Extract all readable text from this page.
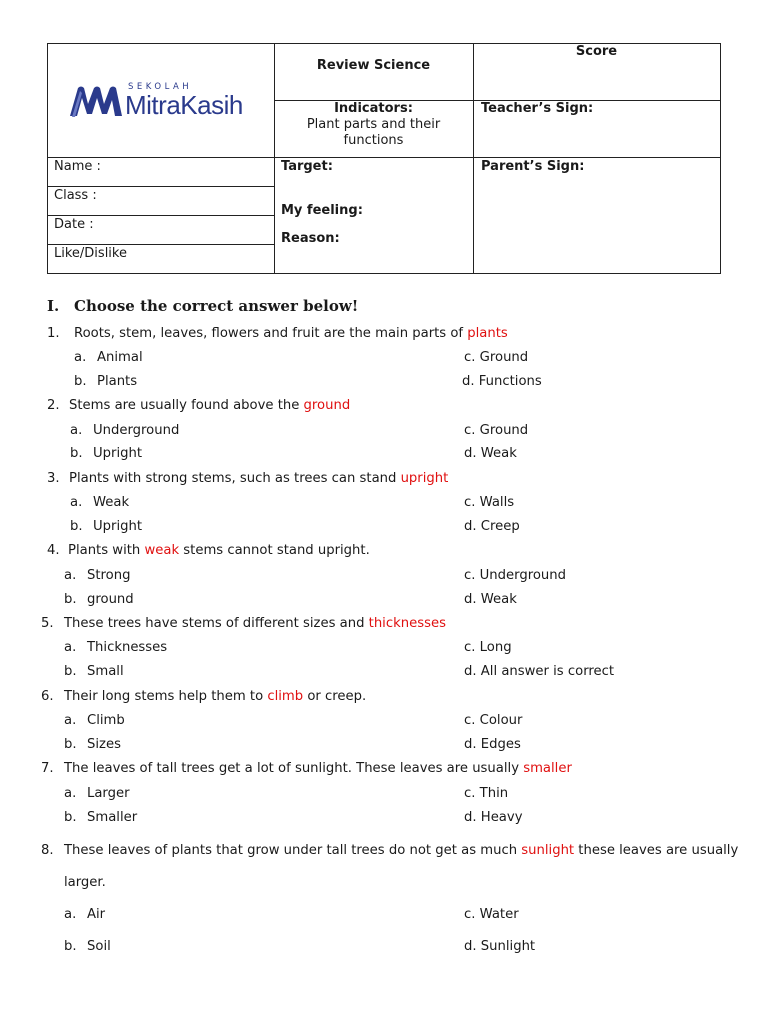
SEKOLAH
MitraKasih
Review Science
Score
Indicators:
Plant parts and their
functions
Teacher’s Sign:
Name :
Class :
Date :
Like/Dislike
Target:
My feeling:
Reason:
Parent’s Sign:
I. Choose the correct answer below!
1. Roots, stem, leaves, flowers and fruit are the main parts of plants
a. Animal
b. Plants
c. Ground
d. Functions
2. Stems are usually found above the ground
a. Underground
b. Upright
c. Ground
d. Weak
3. Plants with strong stems, such as trees can stand upright
a. Weak
b. Upright
c. Walls
d. Creep
4. Plants with weak stems cannot stand upright.
a. Strong
b. ground
c. Underground
d. Weak
5. These trees have stems of different sizes and thicknesses
a. Thicknesses
b. Small
c. Long
d. All answer is correct
6. Their long stems help them to climb or creep.
a. Climb
b. Sizes
c. Colour
d. Edges
7. The leaves of tall trees get a lot of sunlight. These leaves are usually smaller
a. Larger
b. Smaller
c. Thin
d. Heavy
8. These leaves of plants that grow under tall trees do not get as much sunlight these leaves are usually
larger.
a. Air
b. Soil
c. Water
d. Sunlight
